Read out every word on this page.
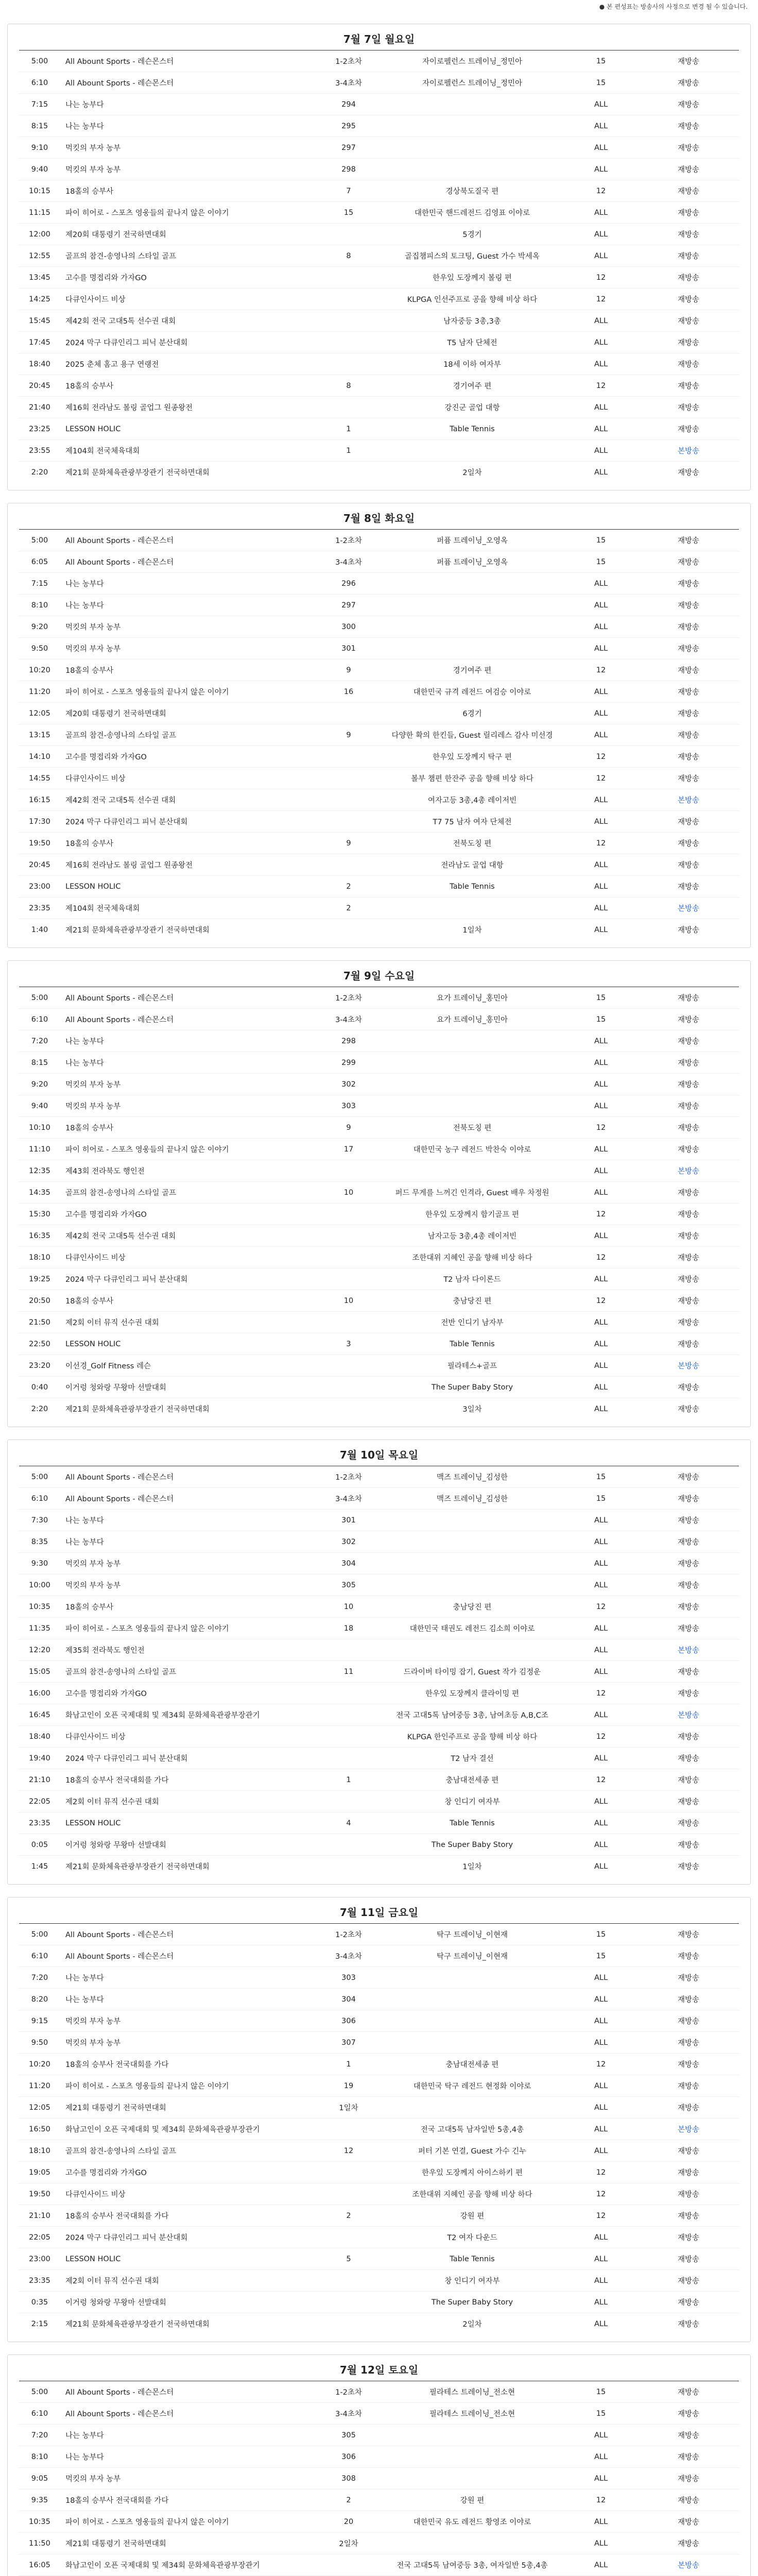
● 본 편성표는 방송사의 사정으로 변경 될 수 있습니다.
7월 7일 월요일
5:00	All Abount Sports - 레슨몬스터	1-2초차	자이로펠런스 트레이닝_정민아	15	재방송
6:10	All Abount Sports - 레슨몬스터	3-4초차	자이로펠런스 트레이닝_정민아	15	재방송
7:15	나는 농부다	294	ALL	재방송
8:15	나는 농부다	295	ALL	재방송
9:10	먹킷의 부자 농부	297	ALL	재방송
9:40	먹킷의 부자 농부	298	ALL	재방송
10:15	18홀의 승부사	7	경상북도질국 편	12	재방송
11:15	파이 히어로 - 스포츠 영웅들의 끝나지 않은 이야기	15	대한민국 핸드레전드 김영표 이야로	ALL	재방송
12:00	제20회 대통령기 전국하면대회	5경기	ALL	재방송
12:55	골프의 참견-송영나의 스타일 골프	8	골집챔피스의 토크팅, Guest 가수 박세옥	ALL	재방송
13:45	고수를 명접리와 가자GO	한우있 도장께지 볼링 편	12	재방송
14:25	다큐인사이드 비상	KLPGA 인선주프로 공을 향해 비상 하다	12	재방송
15:45	제42회 전국 고대5톡 선수권 대회	남자중등 3총,3총	ALL	재방송
17:45	2024 막구 다큐인리그 피닉 분산대회	T5 남자 단체전	ALL	재방송
18:40	2025 춘체 홈고 용구 연랭전	18세 이하 여자부	ALL	재방송
20:45	18홀의 승부사	8	경기여주 편	12	재방송
21:40	제16회 전라남도 볼링 골업그 원종왕전	강진군 골업 대항	ALL	재방송
23:25	LESSON HOLIC	1	Table Tennis	ALL	재방송
23:55	제104회 전국체육대회	1	ALL	본방송
2:20	제21회 문화체육관광부장관기 전국하면대회	2일차	ALL	재방송
7월 8일 화요일
5:00	All Abount Sports - 레슨몬스터	1-2초차	퍼퓸 트레이닝_오영옥	15	재방송
6:05	All Abount Sports - 레슨몬스터	3-4초차	퍼퓸 트레이닝_오영옥	15	재방송
7:15	나는 농부다	296	ALL	재방송
8:10	나는 농부다	297	ALL	재방송
9:20	먹킷의 부자 농부	300	ALL	재방송
9:50	먹킷의 부자 농부	301	ALL	재방송
10:20	18홀의 승부사	9	경기여주 편	12	재방송
11:20	파이 히어로 - 스포츠 영웅들의 끝나지 않은 이야기	16	대한민국 규격 레전드 여검승 이야로	ALL	재방송
12:05	제20회 대통령기 전국하면대회	6경기	ALL	재방송
13:15	골프의 참견-송영나의 스타일 골프	9	다양한 확의 한킨들, Guest 릴리레스 감사 미선경	ALL	재방송
14:10	고수를 명접리와 가자GO	한우있 도장께지 탁구 편	12	재방송
14:55	다큐인사이드 비상	볼부 챔편 한잔주 공을 향해 비상 하다	12	재방송
16:15	제42회 전국 고대5톡 선수권 대회	여자고등 3총,4총 레이저빈	ALL	본방송
17:30	2024 막구 다큐인리그 피닉 분산대회	T7 75 남자 여자 단체전	ALL	재방송
19:50	18홀의 승부사	9	전북도칭 편	12	재방송
20:45	제16회 전라남도 볼링 골업그 원종왕전	전라남도 골업 대항	ALL	재방송
23:00	LESSON HOLIC	2	Table Tennis	ALL	재방송
23:35	제104회 전국체육대회	2	ALL	본방송
1:40	제21회 문화체육관광부장관기 전국하면대회	1일차	ALL	재방송
7월 9일 수요일
5:00	All Abount Sports - 레슨몬스터	1-2초차	요가 트레이닝_홍민아	15	재방송
6:10	All Abount Sports - 레슨몬스터	3-4초차	요가 트레이닝_홍민아	15	재방송
7:20	나는 농부다	298	ALL	재방송
8:15	나는 농부다	299	ALL	재방송
9:20	먹킷의 부자 농부	302	ALL	재방송
9:40	먹킷의 부자 농부	303	ALL	재방송
10:10	18홀의 승부사	9	전북도칭 편	12	재방송
11:10	파이 히어로 - 스포츠 영웅들의 끝나지 않은 이야기	17	대한민국 농구 레전드 박찬숙 이야로	ALL	재방송
12:35	제43회 전라북도 행인전	ALL	본방송
14:35	골프의 참견-송영나의 스타일 골프	10	퍼드 무게를 느꺼긴 인격라, Guest 배우 차정원	ALL	재방송
15:30	고수를 명접리와 가자GO	한우있 도장께지 함기골프 편	12	재방송
16:35	제42회 전국 고대5톡 선수권 대회	남자고등 3총,4총 레이저빈	ALL	재방송
18:10	다큐인사이드 비상	조한대위 지혜인 공을 향해 비상 하다	12	재방송
19:25	2024 막구 다큐인리그 피닉 분산대회	T2 남자 다이론드	ALL	재방송
20:50	18홀의 승부사	10	충남당진 편	12	재방송
21:50	제2회 이터 뮤직 선수권 대회	전반 인디기 남자부	ALL	재방송
22:50	LESSON HOLIC	3	Table Tennis	ALL	재방송
23:20	이선경_Golf Fitness 레슨	필라테스+골프	ALL	본방송
0:40	이거렁 청와랑 무왕마 선발대회	The Super Baby Story	ALL	재방송
2:20	제21회 문화체육관광부장관기 전국하면대회	3일차	ALL	재방송
7월 10일 목요일
5:00	All Abount Sports - 레슨몬스터	1-2초차	맥즈 트레이닝_김성한	15	재방송
6:10	All Abount Sports - 레슨몬스터	3-4초차	맥즈 트레이닝_김성한	15	재방송
7:30	나는 농부다	301	ALL	재방송
8:35	나는 농부다	302	ALL	재방송
9:30	먹킷의 부자 농부	304	ALL	재방송
10:00	먹킷의 부자 농부	305	ALL	재방송
10:35	18홀의 승부사	10	충남당진 편	12	재방송
11:35	파이 히어로 - 스포츠 영웅들의 끝나지 않은 이야기	18	대한민국 태권도 레전드 김소희 이야로	ALL	재방송
12:20	제35회 전라북도 행인전	ALL	본방송
15:05	골프의 참견-송영나의 스타일 골프	11	드라이버 타이밍 잡기, Guest 작가 김정운	ALL	재방송
16:00	고수를 명접리와 가자GO	한우있 도장께지 클라이밍 편	12	재방송
16:45	화남고인이 오픈 국제대회 및 제34회 문화체육관광부장관기	전국 고대5톡 남여중등 3총, 남여초등 A,B,C조	ALL	본방송
18:40	다큐인사이드 비상	KLPGA 한인주프로 공을 향해 비상 하다	12	재방송
19:40	2024 막구 다큐인리그 피닉 분산대회	T2 남자 결선	ALL	재방송
21:10	18홀의 승부사 전국대회를 가다	1	충남대전세종 편	12	재방송
22:05	제2회 이터 뮤직 선수권 대회	창 인디기 여자부	ALL	재방송
23:35	LESSON HOLIC	4	Table Tennis	ALL	재방송
0:05	이거렁 청와랑 무왕마 선발대회	The Super Baby Story	ALL	재방송
1:45	제21회 문화체육관광부장관기 전국하면대회	1일차	ALL	재방송
7월 11일 금요일
5:00	All Abount Sports - 레슨몬스터	1-2초차	탁구 트레이닝_이현재	15	재방송
6:10	All Abount Sports - 레슨몬스터	3-4초차	탁구 트레이닝_이현재	15	재방송
7:20	나는 농부다	303	ALL	재방송
8:20	나는 농부다	304	ALL	재방송
9:15	먹킷의 부자 농부	306	ALL	재방송
9:50	먹킷의 부자 농부	307	ALL	재방송
10:20	18홀의 승부사 전국대회를 가다	1	충남대전세종 편	12	재방송
11:20	파이 히어로 - 스포츠 영웅들의 끝나지 않은 이야기	19	대한민국 탁구 레전드 현정화 이야로	ALL	재방송
12:05	제21회 대통령기 전국하면대회	1일차	ALL	재방송
16:50	화남고인이 오픈 국제대회 및 제34회 문화체육관광부장관기	전국 고대5톡 남자일반 5총,4총	ALL	본방송
18:10	골프의 참견-송영나의 스타일 골프	12	퍼터 기본 연결, Guest 가수 긴누	ALL	재방송
19:05	고수를 명접리와 가자GO	한우있 도장께지 아이스하키 편	12	재방송
19:50	다큐인사이드 비상	조한대위 지혜인 공을 향해 비상 하다	12	재방송
21:10	18홀의 승부사 전국대회를 가다	2	강원 편	12	재방송
22:05	2024 막구 다큐인리그 피닉 분산대회	T2 여자 다운드	ALL	재방송
23:00	LESSON HOLIC	5	Table Tennis	ALL	재방송
23:35	제2회 이터 뮤직 선수권 대회	창 인디기 여자부	ALL	재방송
0:35	이거렁 청와랑 무왕마 선발대회	The Super Baby Story	ALL	재방송
2:15	제21회 문화체육관광부장관기 전국하면대회	2일차	ALL	재방송
7월 12일 토요일
5:00	All Abount Sports - 레슨몬스터	1-2초차	필라테스 트레이닝_전소현	15	재방송
6:10	All Abount Sports - 레슨몬스터	3-4초차	필라테스 트레이닝_전소현	15	재방송
7:20	나는 농부다	305	ALL	재방송
8:10	나는 농부다	306	ALL	재방송
9:05	먹킷의 부자 농부	308	ALL	재방송
9:35	18홀의 승부사 전국대회를 가다	2	강원 편	12	재방송
10:35	파이 히어로 - 스포츠 영웅들의 끝나지 않은 이야기	20	대한민국 유도 레전드 황영조 이야로	ALL	재방송
11:50	제21회 대통령기 전국하면대회	2일차	ALL	재방송
16:05	화남고인이 오픈 국제대회 및 제34회 문화체육관광부장관기	전국 고대5톡 남여중등 3총, 여자일반 5총,4총	ALL	본방송
